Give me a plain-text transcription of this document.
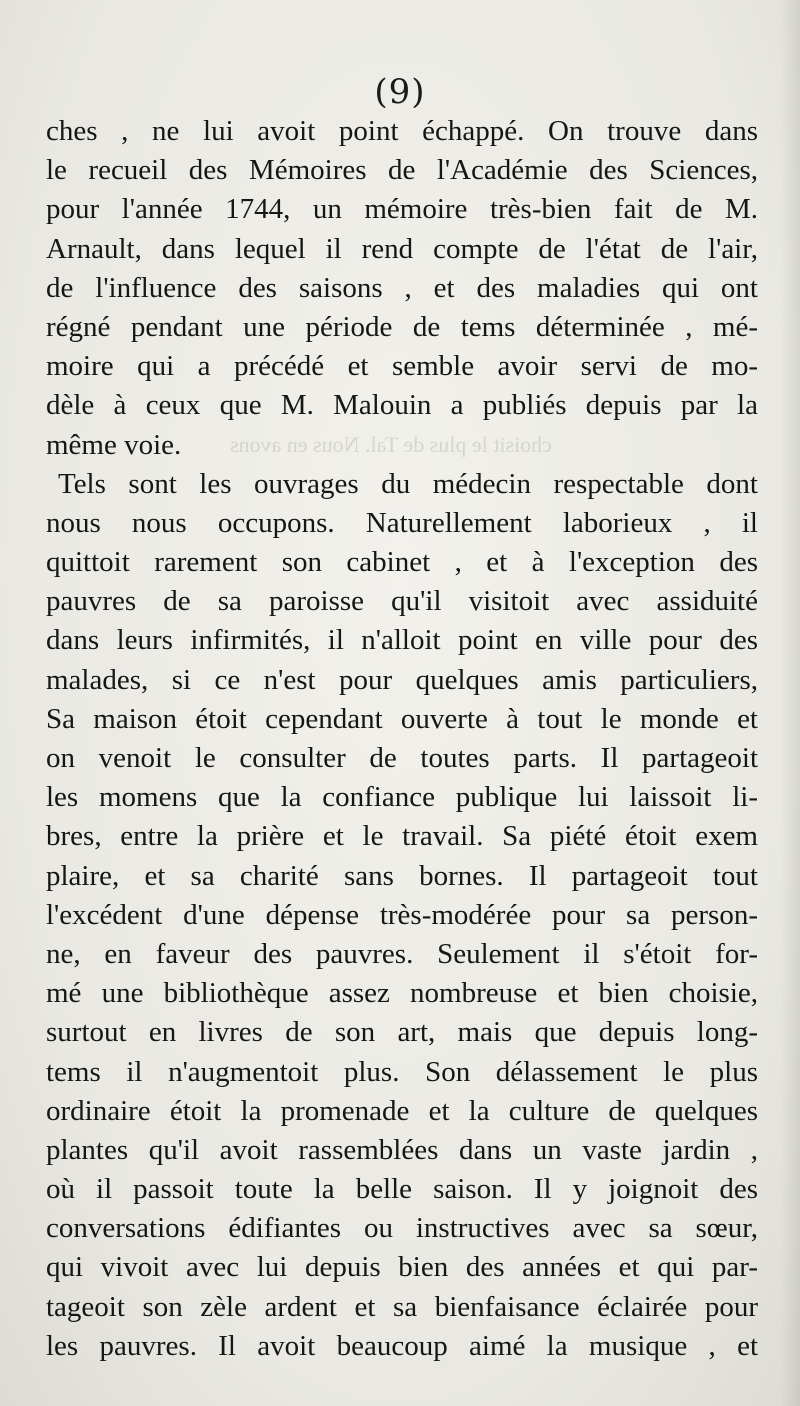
choisit le plus de Tal. Nous en avons
(9)
ches , ne lui avoit point échappé. On trouve dans
le recueil des Mémoires de l'Académie des Sciences,
pour l'année 1744, un mémoire très-bien fait de M.
Arnault, dans lequel il rend compte de l'état de l'air,
de l'influence des saisons , et des maladies qui ont
régné pendant une période de tems déterminée , mé-
moire qui a précédé et semble avoir servi de mo-
dèle à ceux que M. Malouin a publiés depuis par la
même voie.
Tels sont les ouvrages du médecin respectable dont
nous nous occupons. Naturellement laborieux , il
quittoit rarement son cabinet , et à l'exception des
pauvres de sa paroisse qu'il visitoit avec assiduité
dans leurs infirmités, il n'alloit point en ville pour des
malades, si ce n'est pour quelques amis particuliers,
Sa maison étoit cependant ouverte à tout le monde et
on venoit le consulter de toutes parts. Il partageoit
les momens que la confiance publique lui laissoit li-
bres, entre la prière et le travail. Sa piété étoit exem
plaire, et sa charité sans bornes. Il partageoit tout
l'excédent d'une dépense très-modérée pour sa person-
ne, en faveur des pauvres. Seulement il s'étoit for-
mé une bibliothèque assez nombreuse et bien choisie,
surtout en livres de son art, mais que depuis long-
tems il n'augmentoit plus. Son délassement le plus
ordinaire étoit la promenade et la culture de quelques
plantes qu'il avoit rassemblées dans un vaste jardin ,
où il passoit toute la belle saison. Il y joignoit des
conversations édifiantes ou instructives avec sa sœur,
qui vivoit avec lui depuis bien des années et qui par-
tageoit son zèle ardent et sa bienfaisance éclairée pour
les pauvres. Il avoit beaucoup aimé la musique , et
